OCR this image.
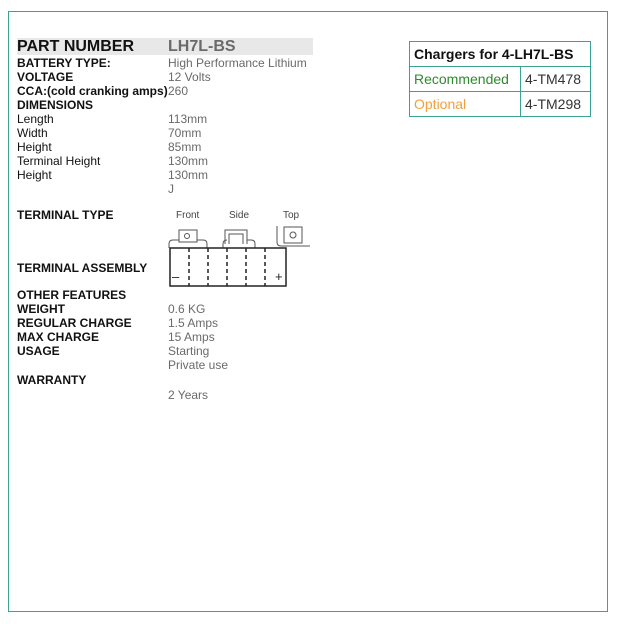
PART NUMBER LH7L-BS
BATTERY TYPE:	High Performance Lithium
VOLTAGE	12 Volts
CCA:(cold cranking amps) 260
DIMENSIONS
Length	113mm
Width	70mm
Height	85mm
Terminal Height	130mm
Height	130mm
J
TERMINAL TYPE	Front	Side	Top
TERMINAL ASSEMBLY
–	+
OTHER FEATURES
WEIGHT	0.6 KG
REGULAR CHARGE	1.5 Amps
MAX CHARGE	15 Amps
USAGE	Starting
Private use
WARRANTY
2 Years
Chargers for 4-LH7L-BS	
Recommended	4-TM478
Optional	4-TM298
